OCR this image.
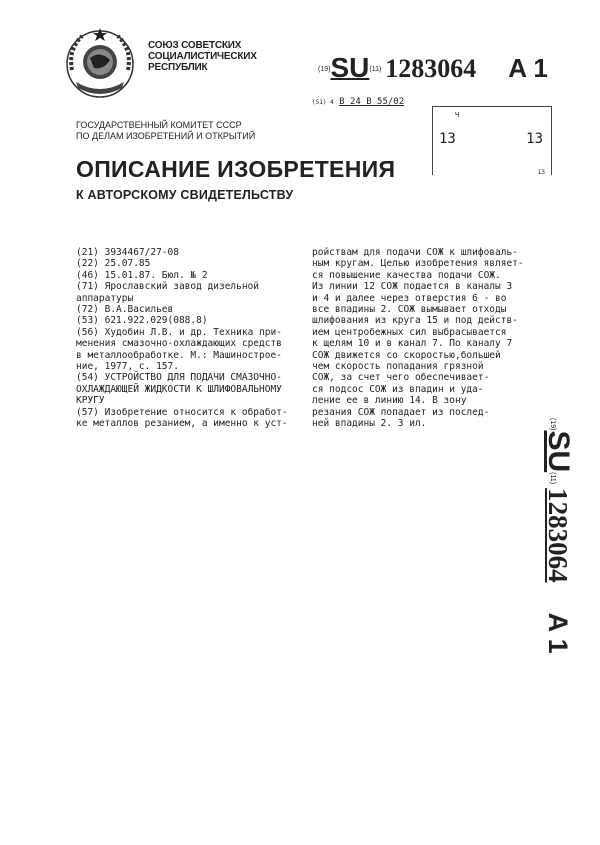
СОЮЗ СОВЕТСКИХ
СОЦИАЛИСТИЧЕСКИХ
РЕСПУБЛИК	(19)SU(11) 1283064 A 1
(51) 4 B 24 B 55/02
Ч
13	13
13
ГОСУДАРСТВЕННЫЙ КОМИТЕТ СССР
ПО ДЕЛАМ ИЗОБРЕТЕНИЙ И ОТКРЫТИЙ
ОПИСАНИЕ ИЗОБРЕТЕНИЯ
К АВТОРСКОМУ СВИДЕТЕЛЬСТВУ
(21) 3934467/27-08
(22) 25.07.85
(46) 15.01.87. Бюл. № 2
(71) Ярославский завод дизельной
аппаратуры
(72) В.А.Васильев
(53) 621.922.029(088.8)
(56) Худобин Л.В. и др. Техника при-
менения смазочно-охлаждающих средств
в металлообработке. М.: Машинострое-
ние, 1977, с. 157.
(54) УСТРОЙСТВО ДЛЯ ПОДАЧИ СМАЗОЧНО-
ОХЛАЖДАЮЩЕЙ ЖИДКОСТИ К ШЛИФОВАЛЬНОМУ
КРУГУ
(57) Изобретение относится к обработ-
ке металлов резанием, а именно к уст-
ройствам для подачи СОЖ к шлифоваль-
ным кругам. Целью изобретения являет-
ся повышение качества подачи СОЖ.
Из линии 12 СОЖ подается в каналы 3
и 4 и далее через отверстия 6 - во
все впадины 2. СОЖ вымывает отходы
шлифования из круга 15 и под действ-
ием центробежных сил выбрасывается
к щелям 10 и в канал 7. По каналу 7
СОЖ движется со скоростью,большей
чем скорость попадания грязной
СОЖ, за счет чего обеспечивает-
ся подсос СОЖ из впадин и уда-
ление ее в линию 14. В зону
резания СОЖ попадает из послед-
ней впадины 2. 3 ил.	$^{(19)}$SU$^{(11)}$1283064A 1
